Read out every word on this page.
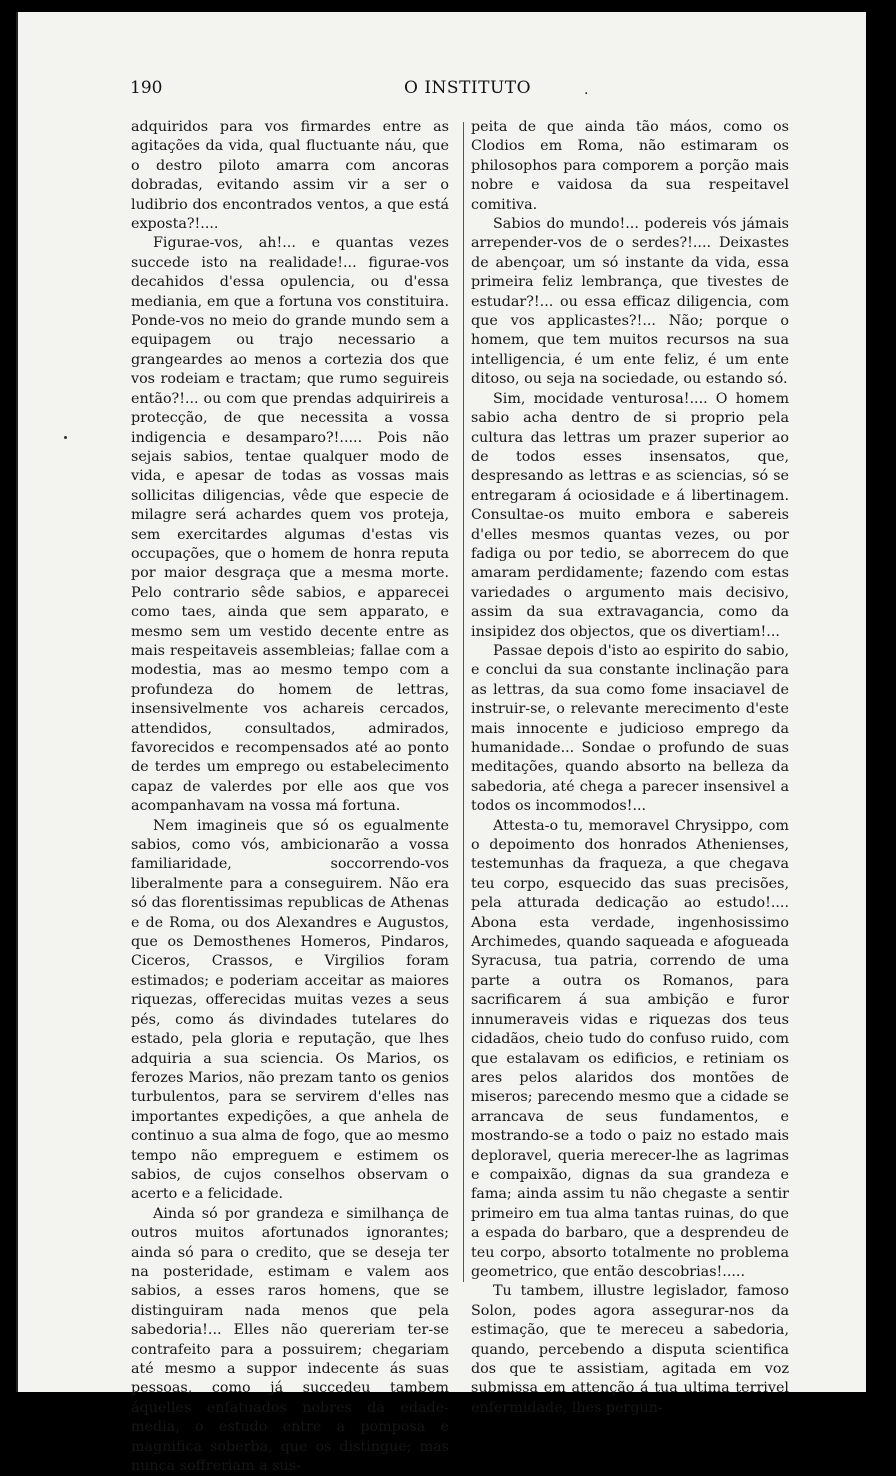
190	O INSTITUTO	.

adquiridos para vos firmardes entre as agitações da vida, qual fluctuante náu, que o destro piloto amarra com ancoras dobradas, evitando assim vir a ser o ludibrio dos encontrados ventos, a que está exposta?!....

Figurae-vos, ah!... e quantas vezes succede isto na realidade!... figurae-vos decahidos d'essa opulencia, ou d'essa mediania, em que a fortuna vos constituira. Ponde-vos no meio do grande mundo sem a equipagem ou trajo necessario a grangeardes ao menos a cortezia dos que vos rodeiam e tractam; que rumo seguireis então?!... ou com que prendas adquirireis a protecção, de que necessita a vossa indigencia e desamparo?!..... Pois não sejais sabios, tentae qualquer modo de vida, e apesar de todas as vossas mais sollicitas diligencias, vêde que especie de milagre será achardes quem vos proteja, sem exercitardes algumas d'estas vis occupações, que o homem de honra reputa por maior desgraça que a mesma morte. Pelo contrario sêde sabios, e apparecei como taes, ainda que sem apparato, e mesmo sem um vestido decente entre as mais respeitaveis assembleias; fallae com a modestia, mas ao mesmo tempo com a profundeza do homem de lettras, insensivelmente vos achareis cercados, attendidos, consultados, admirados, favorecidos e recompensados até ao ponto de terdes um emprego ou estabelecimento capaz de valerdes por elle aos que vos acompanhavam na vossa má fortuna.

Nem imagineis que só os egualmente sabios, como vós, ambicionarão a vossa familiaridade, soccorrendo-vos liberalmente para a conseguirem. Não era só das florentissimas republicas de Athenas e de Roma, ou dos Alexandres e Augustos, que os Demosthenes Homeros, Pindaros, Ciceros, Crassos, e Virgilios foram estimados; e poderiam acceitar as maiores riquezas, offerecidas muitas vezes a seus pés, como ás divindades tutelares do estado, pela gloria e reputação, que lhes adquiria a sua sciencia. Os Marios, os ferozes Marios, não prezam tanto os genios turbulentos, para se servirem d'elles nas importantes expedições, a que anhela de continuo a sua alma de fogo, que ao mesmo tempo não empreguem e estimem os sabios, de cujos conselhos observam o acerto e a felicidade.

Ainda só por grandeza e similhança de outros muitos afortunados ignorantes; ainda só para o credito, que se deseja ter na posteridade, estimam e valem aos sabios, a esses raros homens, que se distinguiram nada menos que pela sabedoria!... Elles não quereriam ter-se contrafeito para a possuirem; chegariam até mesmo a suppor indecente ás suas pessoas, como já succedeu tambem áquelles enfatuados nobres da edade-media, o estudo entre a pomposa e magnifica soberba, que os distingue; mas nunca soffreriam a sus-

peita de que ainda tão máos, como os Clodios em Roma, não estimaram os philosophos para comporem a porção mais nobre e vaidosa da sua respeitavel comitiva.

Sabios do mundo!... podereis vós jámais arrepender-vos de o serdes?!.... Deixastes de abençoar, um só instante da vida, essa primeira feliz lembrança, que tivestes de estudar?!... ou essa efficaz diligencia, com que vos applicastes?!... Não; porque o homem, que tem muitos recursos na sua intelligencia, é um ente feliz, é um ente ditoso, ou seja na sociedade, ou estando só.

Sim, mocidade venturosa!.... O homem sabio acha dentro de si proprio pela cultura das lettras um prazer superior ao de todos esses insensatos, que, despresando as lettras e as sciencias, só se entregaram á ociosidade e á libertinagem. Consultae-os muito embora e sabereis d'elles mesmos quantas vezes, ou por fadiga ou por tedio, se aborrecem do que amaram perdidamente; fazendo com estas variedades o argumento mais decisivo, assim da sua extravagancia, como da insipidez dos objectos, que os divertiam!...

Passae depois d'isto ao espirito do sabio, e conclui da sua constante inclinação para as lettras, da sua como fome insaciavel de instruir-se, o relevante merecimento d'este mais innocente e judicioso emprego da humanidade... Sondae o profundo de suas meditações, quando absorto na belleza da sabedoria, até chega a parecer insensivel a todos os incommodos!...

Attesta-o tu, memoravel Chrysippo, com o depoimento dos honrados Athenienses, testemunhas da fraqueza, a que chegava teu corpo, esquecido das suas precisões, pela atturada dedicação ao estudo!.... Abona esta verdade, ingenhosissimo Archimedes, quando saqueada e afogueada Syracusa, tua patria, correndo de uma parte a outra os Romanos, para sacrificarem á sua ambição e furor innumeraveis vidas e riquezas dos teus cidadãos, cheio tudo do confuso ruido, com que estalavam os edificios, e retiniam os ares pelos alaridos dos montões de miseros; parecendo mesmo que a cidade se arrancava de seus fundamentos, e mostrando-se a todo o paiz no estado mais deploravel, queria merecer-lhe as lagrimas e compaixão, dignas da sua grandeza e fama; ainda assim tu não chegaste a sentir primeiro em tua alma tantas ruinas, do que a espada do barbaro, que a desprendeu de teu corpo, absorto totalmente no problema geometrico, que então descobrias!.....

Tu tambem, illustre legislador, famoso Solon, podes agora assegurar-nos da estimação, que te mereceu a sabedoria, quando, percebendo a disputa scientifica dos que te assistiam, agitada em voz submissa em attenção á tua ultima terrivel enfermidade, lhes pergun-
